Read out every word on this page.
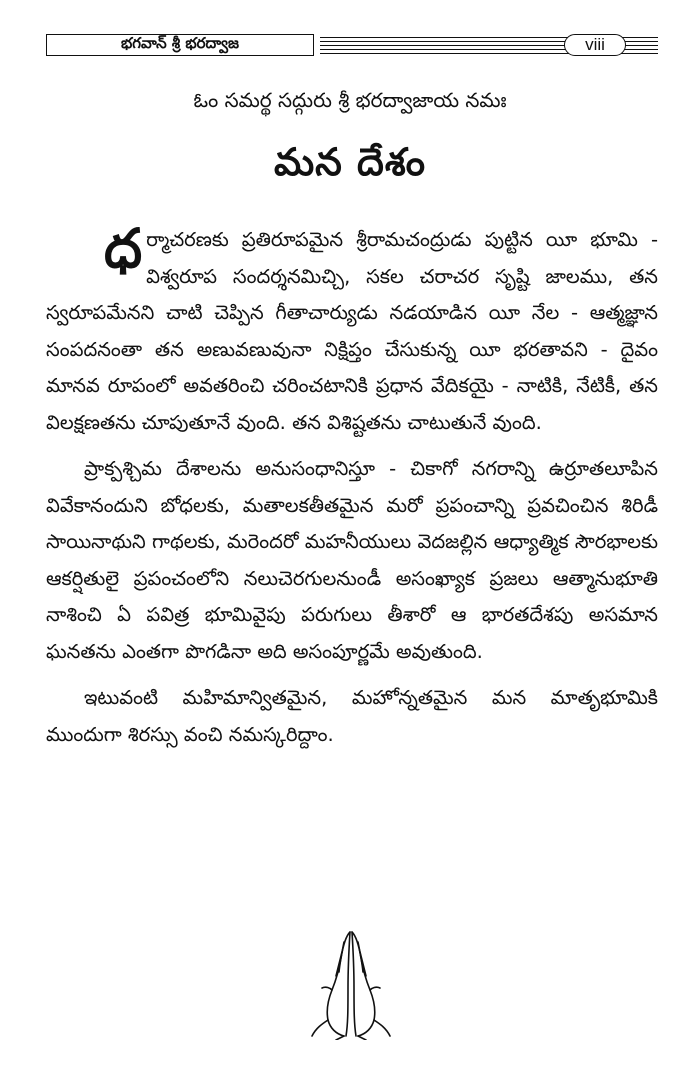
భగవాన్ శ్రీ భరద్వాజ	viii
ఓం సమర్థ సద్గురు శ్రీ భరద్వాజాయ నమః
మన దేశం

ధర్మాచరణకు ప్రతిరూపమైన శ్రీరామచంద్రుడు పుట్టిన యీ భూమి - విశ్వరూప సందర్శనమిచ్చి, సకల చరాచర సృష్టి జాలము, తన స్వరూపమేనని చాటి చెప్పిన గీతాచార్యుడు నడయాడిన యీ నేల - ఆత్మజ్ఞాన సంపదనంతా తన అణువణువునా నిక్షిప్తం చేసుకున్న యీ భరతావని - దైవం మానవ రూపంలో అవతరించి చరించటానికి ప్రధాన వేదికయై - నాటికి, నేటికీ, తన విలక్షణతను చూపుతూనే వుంది. తన విశిష్టతను చాటుతునే వుంది.

ప్రాక్పశ్చిమ దేశాలను అనుసంధానిస్తూ - చికాగో నగరాన్ని ఉర్రూతలూపిన వివేకానందుని బోధలకు, మతాలకతీతమైన మరో ప్రపంచాన్ని ప్రవచించిన శిరిడీ సాయినాథుని గాథలకు, మరెందరో మహనీయులు వెదజల్లిన ఆధ్యాత్మిక సౌరభాలకు ఆకర్షితులై ప్రపంచంలోని నలుచెరగులనుండీ అసంఖ్యాక ప్రజలు ఆత్మానుభూతి నాశించి ఏ పవిత్ర భూమివైపు పరుగులు తీశారో ఆ భారతదేశపు అసమాన ఘనతను ఎంతగా పొగడినా అది అసంపూర్ణమే అవుతుంది.

ఇటువంటి మహిమాన్వితమైన, మహోన్నతమైన మన మాతృభూమికి ముందుగా శిరస్సు వంచి నమస్కరిద్దాం.
